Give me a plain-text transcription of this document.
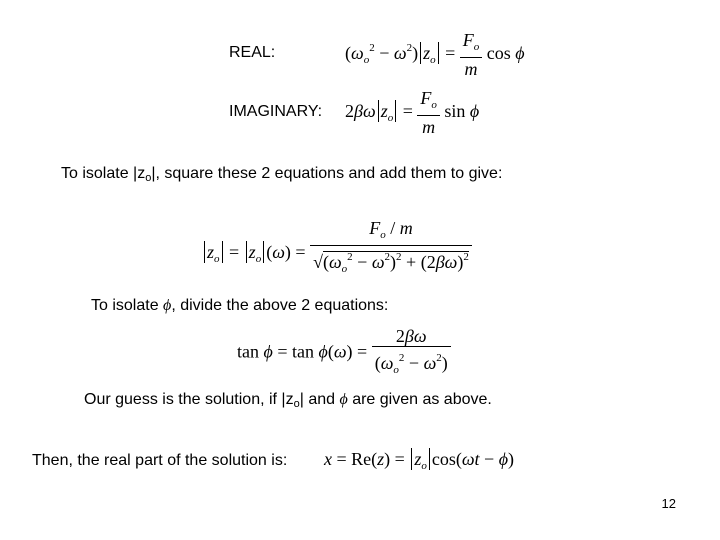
REAL:	$(\omega_o^2 - \omega^2) z_o = \frac{F_o}{m}$ cos ϕ
IMAGINARY: 2βω $z_o = \frac{F_o}{m}$ sin ϕ
To isolate |zo|, square these 2 equations and add them to give:
$z_o = z_o$ $(\omega) = \frac{F_o / m}{√(\omega_o^2 - \omega^2)^2 + (2\beta\omega)^2}$
To isolate ϕ, divide the above 2 equations:
$\tan \phi = \tan \phi(\omega) = \frac{2\beta\omega}{(\omega_o^2 - \omega^2)}$
Our guess is the solution, if |zo| and ϕ are given as above.
Then, the real part of the solution is: $x = Re(z) = z_o$ cos(ωt − ϕ)
12
